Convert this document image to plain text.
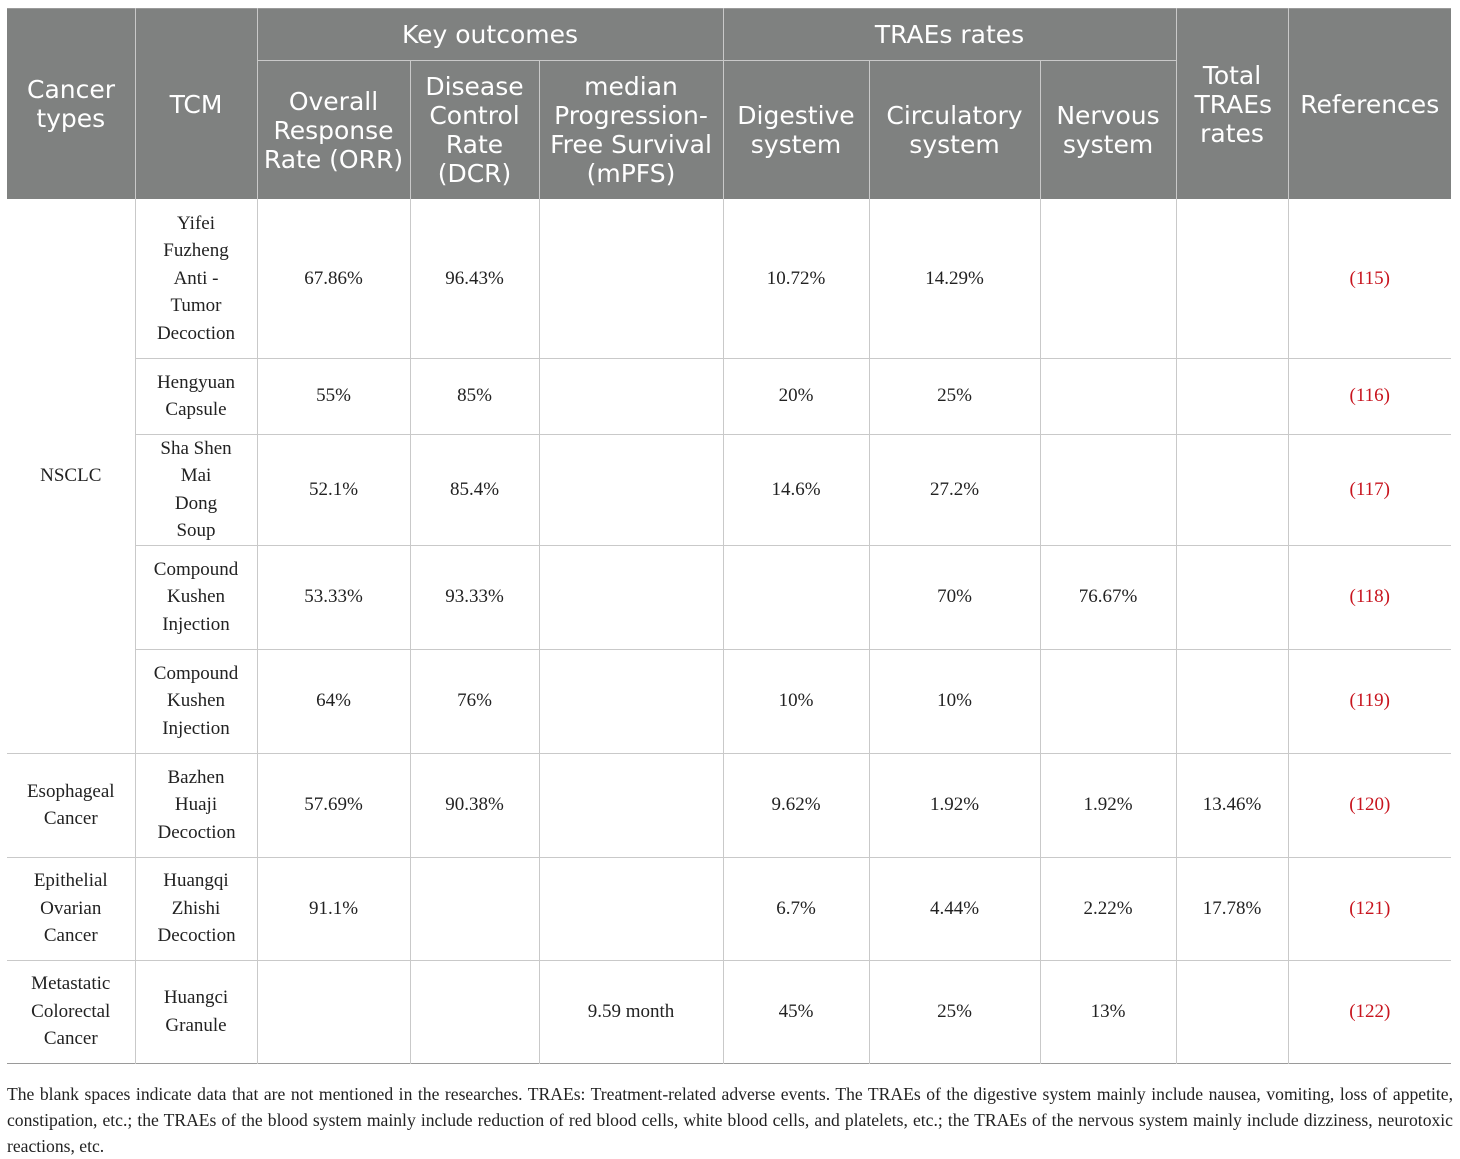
Cancer types	TCM	Key outcomes			TRAEs rates			Total TRAEs rates	References
		Overall Response Rate (ORR)	Disease Control Rate (DCR)	median Progression-Free Survival (mPFS)	Digestive system	Circulatory system	Nervous system		
NSCLC	Yifei Fuzheng Anti -Tumor Decoction	67.86%	96.43%		10.72%	14.29%			(115)
	Hengyuan Capsule	55%	85%		20%	25%			(116)
	Sha Shen Mai Dong Soup	52.1%	85.4%		14.6%	27.2%			(117)
	Compound Kushen Injection	53.33%	93.33%			70%	76.67%		(118)
	Compound Kushen Injection	64%	76%		10%	10%			(119)
Esophageal Cancer	Bazhen Huaji Decoction	57.69%	90.38%		9.62%	1.92%	1.92%	13.46%	(120)
Epithelial Ovarian Cancer	Huangqi Zhishi Decoction	91.1%			6.7%	4.44%	2.22%	17.78%	(121)
Metastatic Colorectal Cancer	Huangci Granule			9.59 month	45%	25%	13%		(122)

The blank spaces indicate data that are not mentioned in the researches. TRAEs: Treatment-related adverse events. The TRAEs of the digestive system mainly include nausea, vomiting, loss of appetite, constipation, etc.; the TRAEs of the blood system mainly include reduction of red blood cells, white blood cells, and platelets, etc.; the TRAEs of the nervous system mainly include dizziness, neurotoxic reactions, etc.
